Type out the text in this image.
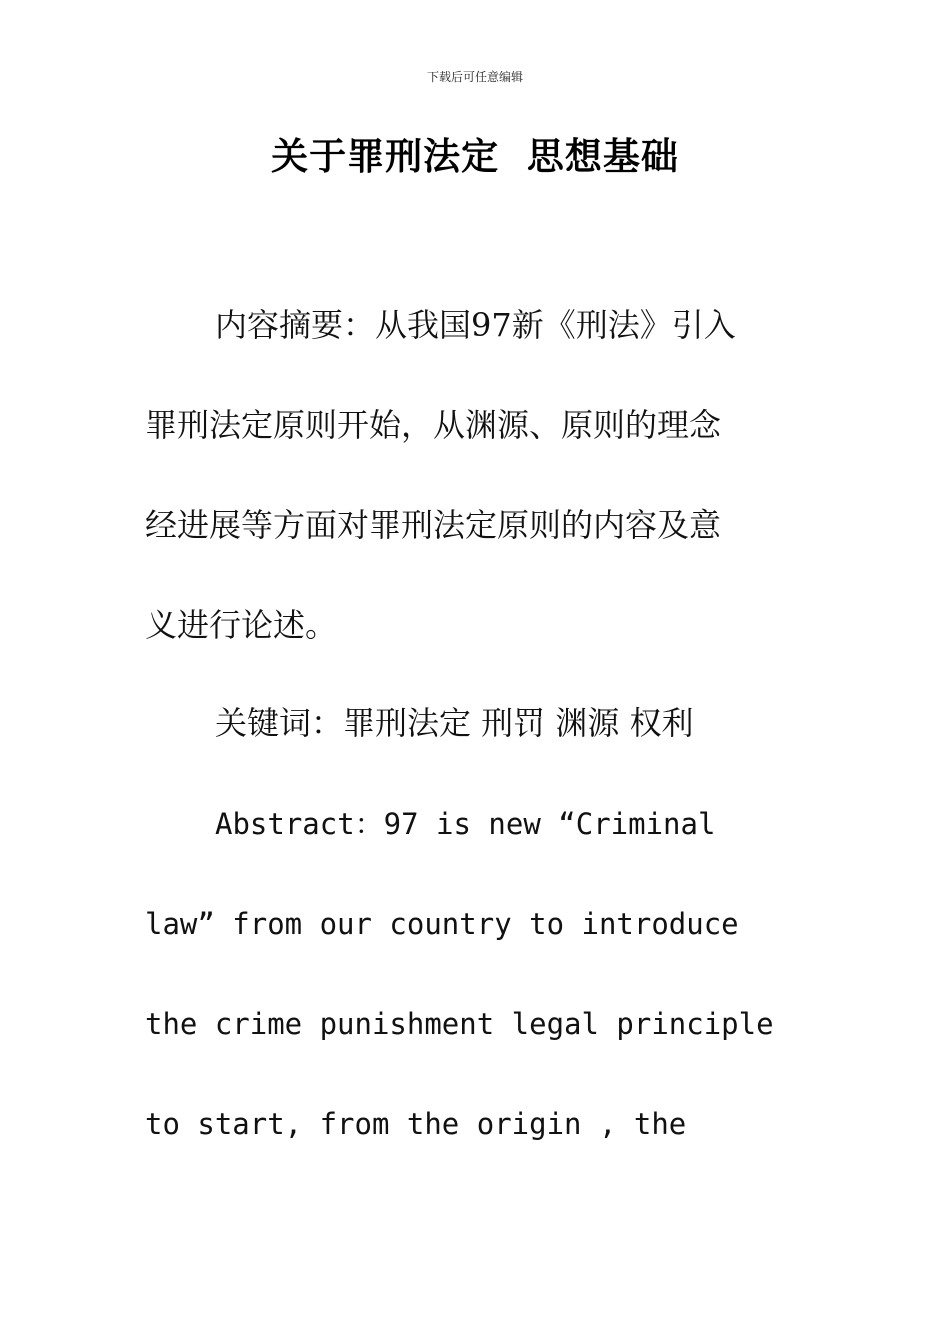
下载后可任意编辑
关于罪刑法定  思想基础
内容摘要：从我国97新《刑法》引入
罪刑法定原则开始，从渊源、原则的理念
经进展等方面对罪刑法定原则的内容及意
义进行论述。
关键词：罪刑法定 刑罚 渊源 权利
Abstract：97 is new “Criminal
law” from our country to introduce
the crime punishment legal principle
to start, from the origin , the
